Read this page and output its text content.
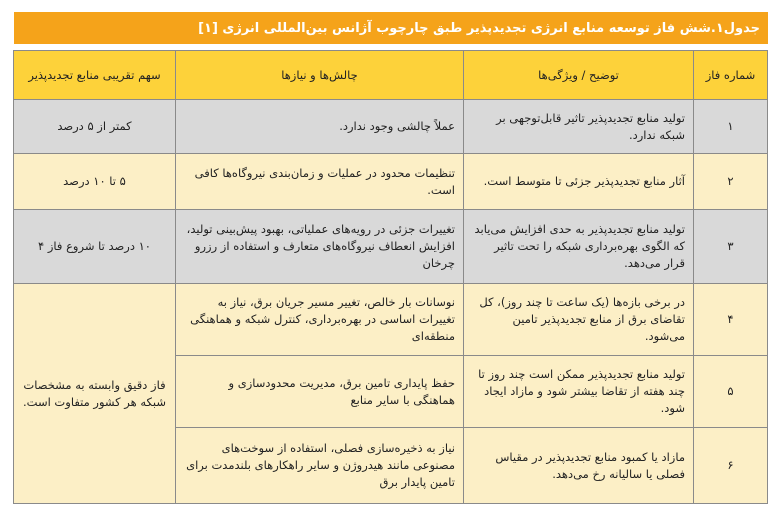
جدول۱.شش فاز توسعه منابع انرژی تجدیدپذیر طبق چارچوب آژانس بین‌المللی انرژی [۱]
شماره فاز	توضیح / ویژگی‌ها	چالش‌ها و نیازها	سهم تقریبی منابع تجدیدپذیر
۱	تولید منابع تجدیدپذیر تاثیر قابل‌توجهی بر شبکه ندارد.	عملاً چالشی وجود ندارد.	کمتر از ۵ درصد
۲	آثار منابع تجدیدپذیر جزئی تا متوسط است.	تنظیمات محدود در عملیات و زمان‌بندی نیروگاه‌ها کافی است.	۵ تا ۱۰ درصد
۳	تولید منابع تجدیدپذیر به حدی افزایش می‌یابد که الگوی بهره‌برداری شبکه را تحت تاثیر قرار می‌دهد.	تغییرات جزئی در رویه‌های عملیاتی، بهبود پیش‌بینی تولید، افزایش انعطاف نیروگاه‌های متعارف و استفاده از رزرو چرخان	۱۰ درصد تا شروع فاز ۴
۴	در برخی بازه‌ها (یک ساعت تا چند روز)، کل تقاضای برق از منابع تجدیدپذیر تامین می‌شود.	نوسانات بار خالص، تغییر مسیر جریان برق، نیاز به تغییرات اساسی در بهره‌برداری، کنترل شبکه و هماهنگی منطقه‌ای	فاز دقیق وابسته به مشخصات شبکه هر کشور متفاوت است.
۵	تولید منابع تجدیدپذیر ممکن است چند روز تا چند هفته از تقاضا بیشتر شود و مازاد ایجاد شود.	حفظ پایداری تامین برق، مدیریت محدودسازی و هماهنگی با سایر منابع	
۶	مازاد یا کمبود منابع تجدیدپذیر در مقیاس فصلی یا سالیانه رخ می‌دهد.	نیاز به ذخیره‌سازی فصلی، استفاده از سوخت‌های مصنوعی مانند هیدروژن و سایر راهکارهای بلندمدت برای تامین پایدار برق	
